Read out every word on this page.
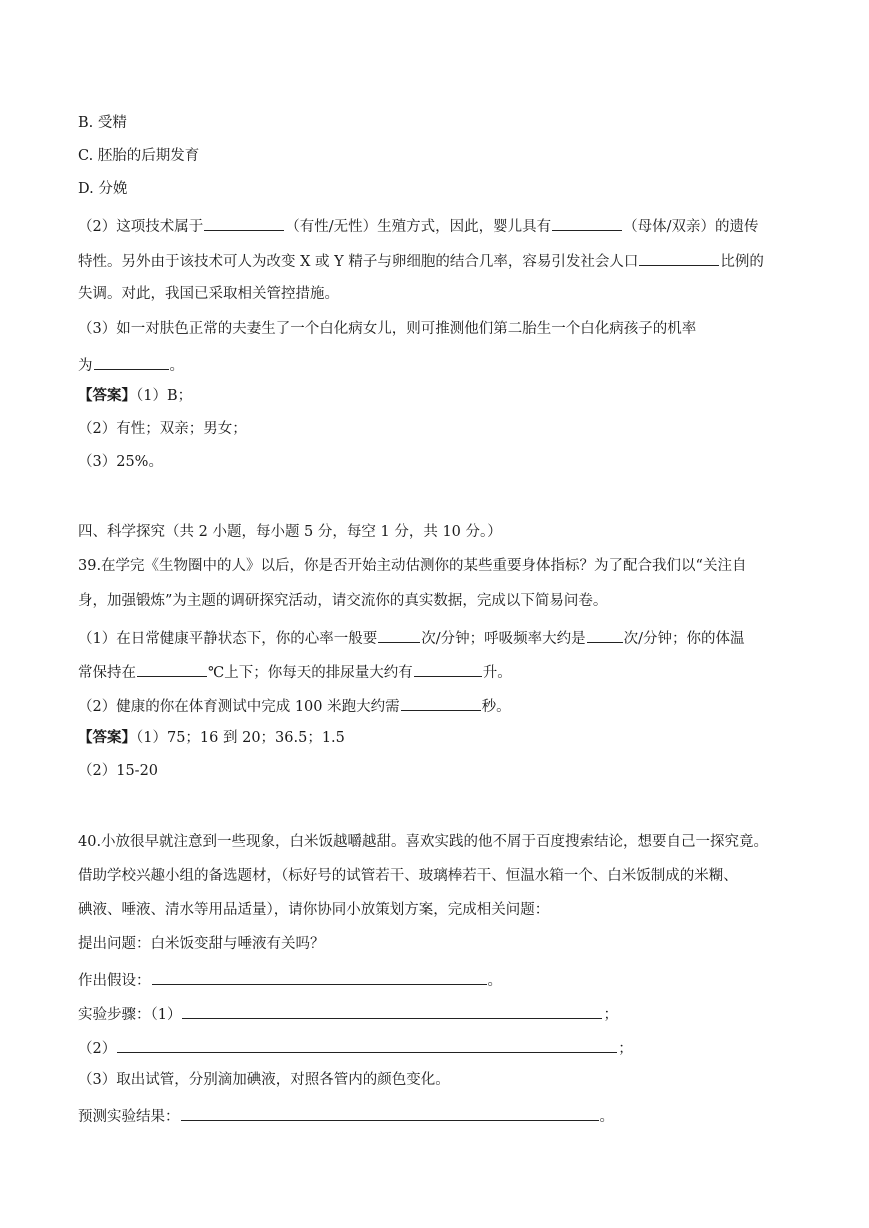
B. 受精
C. 胚胎的后期发育
D. 分娩
（2）这项技术属于	（有性/无性）生殖方式，因此，婴儿具有	（母体/双亲）的遗传
特性。另外由于该技术可人为改变 X 或 Y 精子与卵细胞的结合几率，容易引发社会人口	比例的
失调。对此，我国已采取相关管控措施。
（3）如一对肤色正常的夫妻生了一个白化病女儿，则可推测他们第二胎生一个白化病孩子的机率
为	。
【答案】（1）B；
（2）有性；双亲；男女；
（3）25%。
四、科学探究（共 2 小题，每小题 5 分，每空 1 分，共 10 分。）
39.在学完《生物圈中的人》以后，你是否开始主动估测你的某些重要身体指标？为了配合我们以“关注自
身，加强锻炼”为主题的调研探究活动，请交流你的真实数据，完成以下简易问卷。
（1）在日常健康平静状态下，你的心率一般要	次/分钟；呼吸频率大约是	次/分钟；你的体温
常保持在	℃上下；你每天的排尿量大约有	升。
（2）健康的你在体育测试中完成 100 米跑大约需	秒。
【答案】（1）75；16 到 20；36.5；1.5
（2）15-20
40.小放很早就注意到一些现象，白米饭越嚼越甜。喜欢实践的他不屑于百度搜索结论，想要自己一探究竟。
借助学校兴趣小组的备选题材，（标好号的试管若干、玻璃棒若干、恒温水箱一个、白米饭制成的米糊、
碘液、唾液、清水等用品适量），请你协同小放策划方案，完成相关问题：
提出问题：白米饭变甜与唾液有关吗？
作出假设：	。
实验步骤：（1）	；
（2）	；
（3）取出试管，分别滴加碘液，对照各管内的颜色变化。
预测实验结果：	。
